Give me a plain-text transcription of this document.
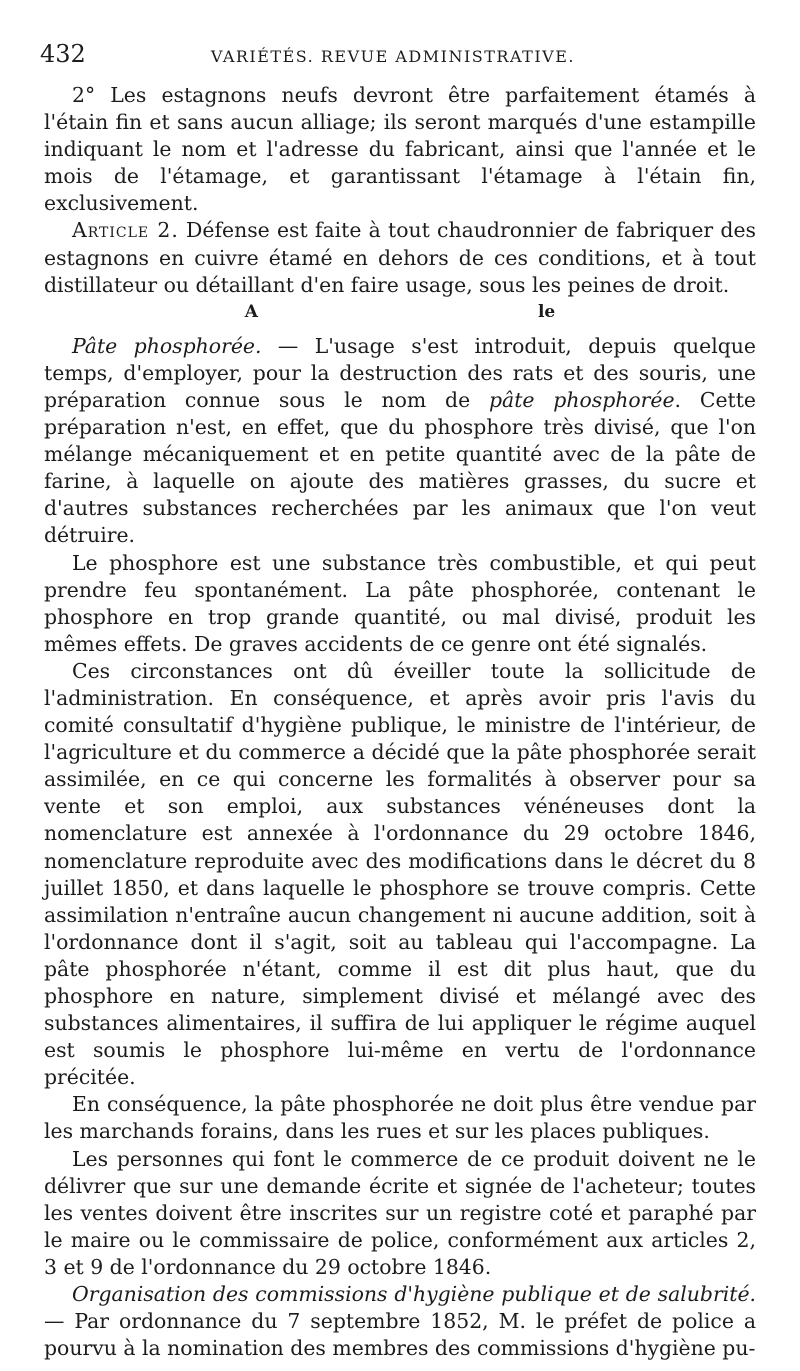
432	VARIÉTÉS. REVUE ADMINISTRATIVE.

2° Les estagnons neufs devront être parfaitement étamés à l'étain fin et sans aucun alliage; ils seront marqués d'une estampille indiquant le nom et l'adresse du fabricant, ainsi que l'année et le mois de l'étamage, et garantissant l'étamage à l'étain fin, exclusivement.

Article 2. Défense est faite à tout chaudronnier de fabriquer des estagnons en cuivre étamé en dehors de ces conditions, et à tout distillateur ou détaillant d'en faire usage, sous les peines de droit.

A	le

Pâte phosphorée. — L'usage s'est introduit, depuis quelque temps, d'employer, pour la destruction des rats et des souris, une préparation connue sous le nom de pâte phosphorée. Cette préparation n'est, en effet, que du phosphore très divisé, que l'on mélange mécaniquement et en petite quantité avec de la pâte de farine, à laquelle on ajoute des matières grasses, du sucre et d'autres substances recherchées par les animaux que l'on veut détruire.

Le phosphore est une substance très combustible, et qui peut prendre feu spontanément. La pâte phosphorée, contenant le phosphore en trop grande quantité, ou mal divisé, produit les mêmes effets. De graves accidents de ce genre ont été signalés.

Ces circonstances ont dû éveiller toute la sollicitude de l'administration. En conséquence, et après avoir pris l'avis du comité consultatif d'hygiène publique, le ministre de l'intérieur, de l'agriculture et du commerce a décidé que la pâte phosphorée serait assimilée, en ce qui concerne les formalités à observer pour sa vente et son emploi, aux substances vénéneuses dont la nomenclature est annexée à l'ordonnance du 29 octobre 1846, nomenclature reproduite avec des modifications dans le décret du 8 juillet 1850, et dans laquelle le phosphore se trouve compris. Cette assimilation n'entraîne aucun changement ni aucune addition, soit à l'ordonnance dont il s'agit, soit au tableau qui l'accompagne. La pâte phosphorée n'étant, comme il est dit plus haut, que du phosphore en nature, simplement divisé et mélangé avec des substances alimentaires, il suffira de lui appliquer le régime auquel est soumis le phosphore lui-même en vertu de l'ordonnance précitée.

En conséquence, la pâte phosphorée ne doit plus être vendue par les marchands forains, dans les rues et sur les places publiques.

Les personnes qui font le commerce de ce produit doivent ne le délivrer que sur une demande écrite et signée de l'acheteur; toutes les ventes doivent être inscrites sur un registre coté et paraphé par le maire ou le commissaire de police, conformément aux articles 2, 3 et 9 de l'ordonnance du 29 octobre 1846.

Organisation des commissions d'hygiène publique et de salubrité.— Par ordonnance du 7 septembre 1852, M. le préfet de police a pourvu à la nomination des membres des commissions d'hygiène pu-
